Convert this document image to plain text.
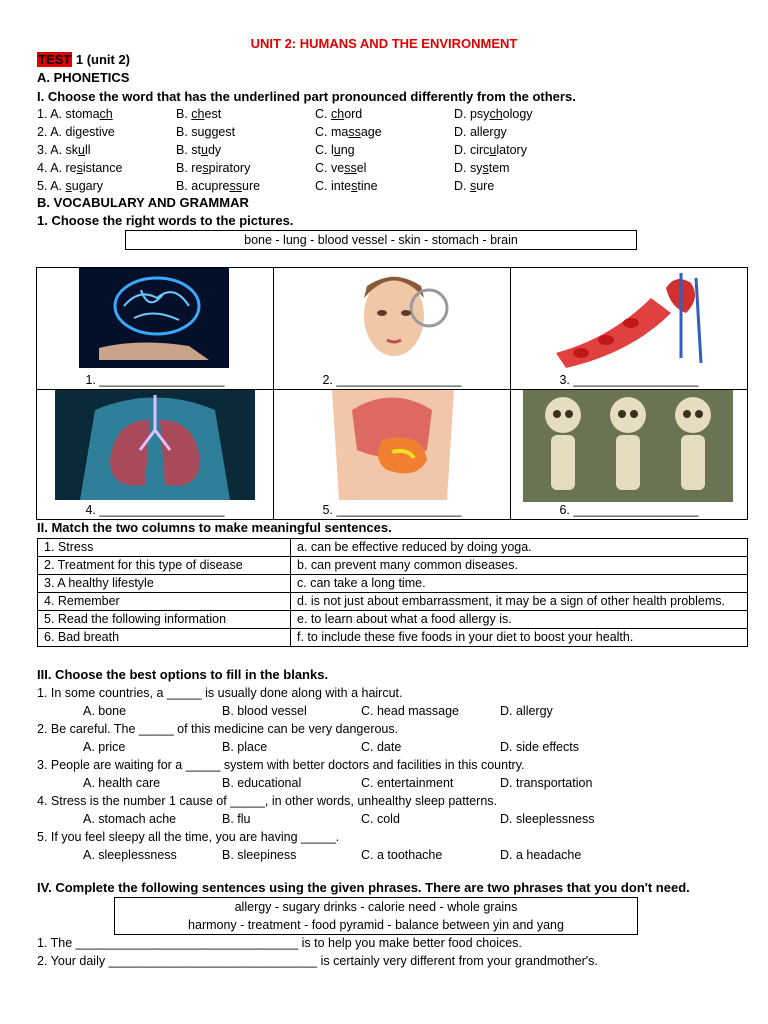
UNIT 2: HUMANS AND THE ENVIRONMENT
TEST 1 (unit 2)
A. PHONETICS
I. Choose the word that has the underlined part pronounced differently from the others.
1. A. stomach	B. chest	C. chord	D. psychology
2. A. digestive	B. suggest	C. massage	D. allergy
3. A. skull	B. study	C. lung	D. circulatory
4. A. resistance	B. respiratory	C. vessel	D. system
5. A. sugary	B. acupressure	C. intestine	D. sure
B. VOCABULARY AND GRAMMAR
1. Choose the right words to the pictures.
bone - lung - blood vessel - skin - stomach - brain
1. __________________	2. __________________	3. __________________

4. __________________	5. __________________	6. __________________
II. Match the two columns to make meaningful sentences.
1. Stress	a. can be effective reduced by doing yoga.
2. Treatment for this type of disease	b. can prevent many common diseases.
3. A healthy lifestyle	c. can take a long time.
4. Remember	d. is not just about embarrassment, it may be a sign of other health problems.
5. Read the following information	e. to learn about what a food allergy is.
6. Bad breath	f. to include these five foods in your diet to boost your health.
III. Choose the best options to fill in the blanks.
1. In some countries, a _____ is usually done along with a haircut.
A. bone	B. blood vessel	C. head massage	D. allergy
2. Be careful. The _____ of this medicine can be very dangerous.
A. price	B. place	C. date	D. side effects
3. People are waiting for a _____ system with better doctors and facilities in this country.
A. health care	B. educational	C. entertainment	D. transportation
4. Stress is the number 1 cause of _____, in other words, unhealthy sleep patterns.
A. stomach ache	B. flu	C. cold	D. sleeplessness
5. If you feel sleepy all the time, you are having _____.
A. sleeplessness	B. sleepiness	C. a toothache	D. a headache
IV. Complete the following sentences using the given phrases. There are two phrases that you don't need.
allergy - sugary drinks - calorie need - whole grains
harmony - treatment - food pyramid - balance between yin and yang
1. The ________________________________ is to help you make better food choices.
2. Your daily ______________________________ is certainly very different from your grandmother's.
